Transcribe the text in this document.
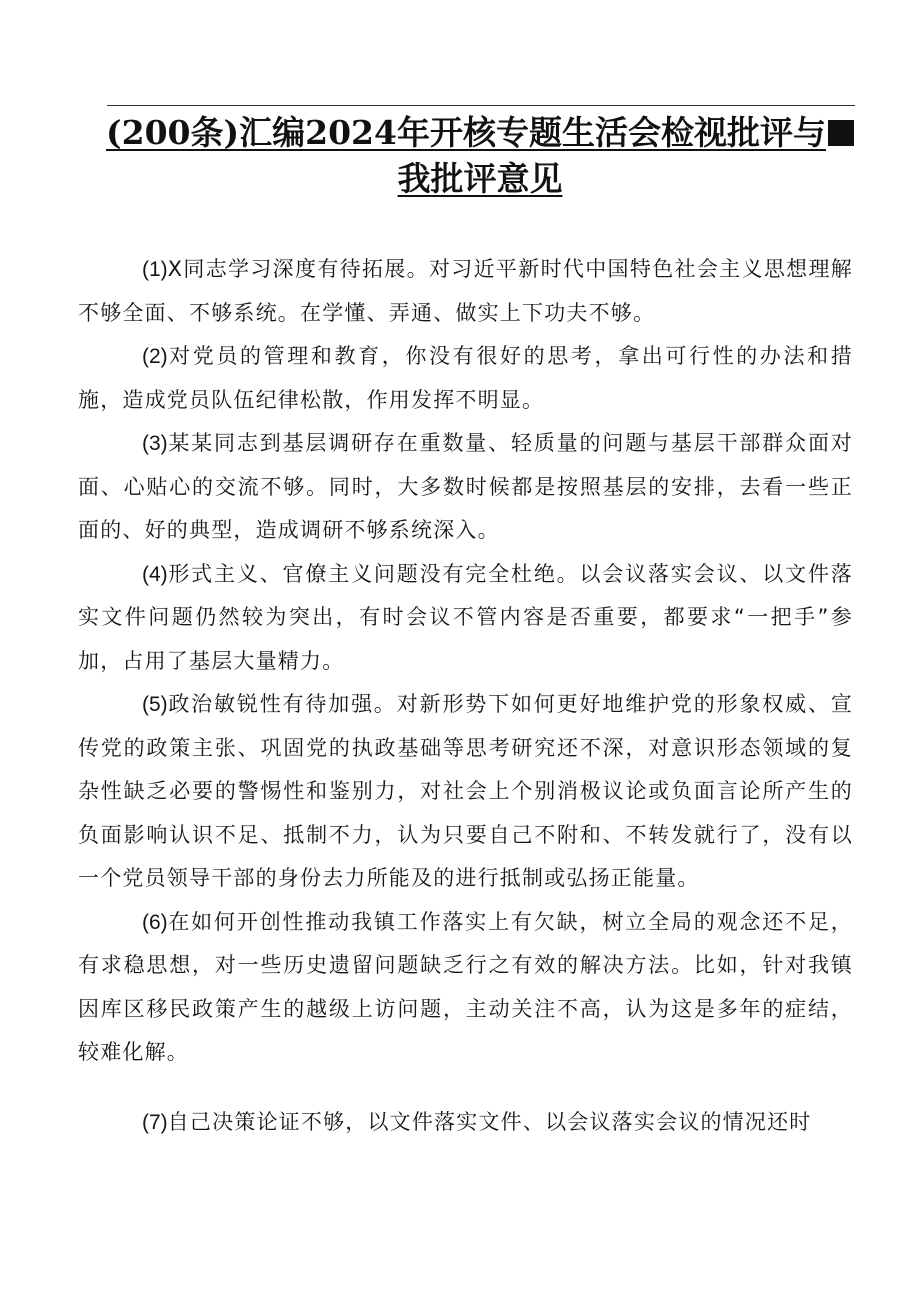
(200条)汇编2024年开核专题生活会检视批评与
我批评意见

(1)X同志学习深度有待拓展。对习近平新时代中国特色社会主义思想理解不够全面、不够系统。在学懂、弄通、做实上下功夫不够。

(2)对党员的管理和教育，你没有很好的思考，拿出可行性的办法和措施，造成党员队伍纪律松散，作用发挥不明显。

(3)某某同志到基层调研存在重数量、轻质量的问题与基层干部群众面对面、心贴心的交流不够。同时，大多数时候都是按照基层的安排，去看一些正面的、好的典型，造成调研不够系统深入。

(4)形式主义、官僚主义问题没有完全杜绝。以会议落实会议、以文件落实文件问题仍然较为突出，有时会议不管内容是否重要，都要求“一把手”参加，占用了基层大量精力。

(5)政治敏锐性有待加强。对新形势下如何更好地维护党的形象权威、宣传党的政策主张、巩固党的执政基础等思考研究还不深，对意识形态领域的复杂性缺乏必要的警惕性和鉴别力，对社会上个别消极议论或负面言论所产生的负面影响认识不足、抵制不力，认为只要自己不附和、不转发就行了，没有以一个党员领导干部的身份去力所能及的进行抵制或弘扬正能量。

(6)在如何开创性推动我镇工作落实上有欠缺，树立全局的观念还不足，有求稳思想，对一些历史遗留问题缺乏行之有效的解决方法。比如，针对我镇因库区移民政策产生的越级上访问题，主动关注不高，认为这是多年的症结，较难化解。

(7)自己决策论证不够，以文件落实文件、以会议落实会议的情况还时
